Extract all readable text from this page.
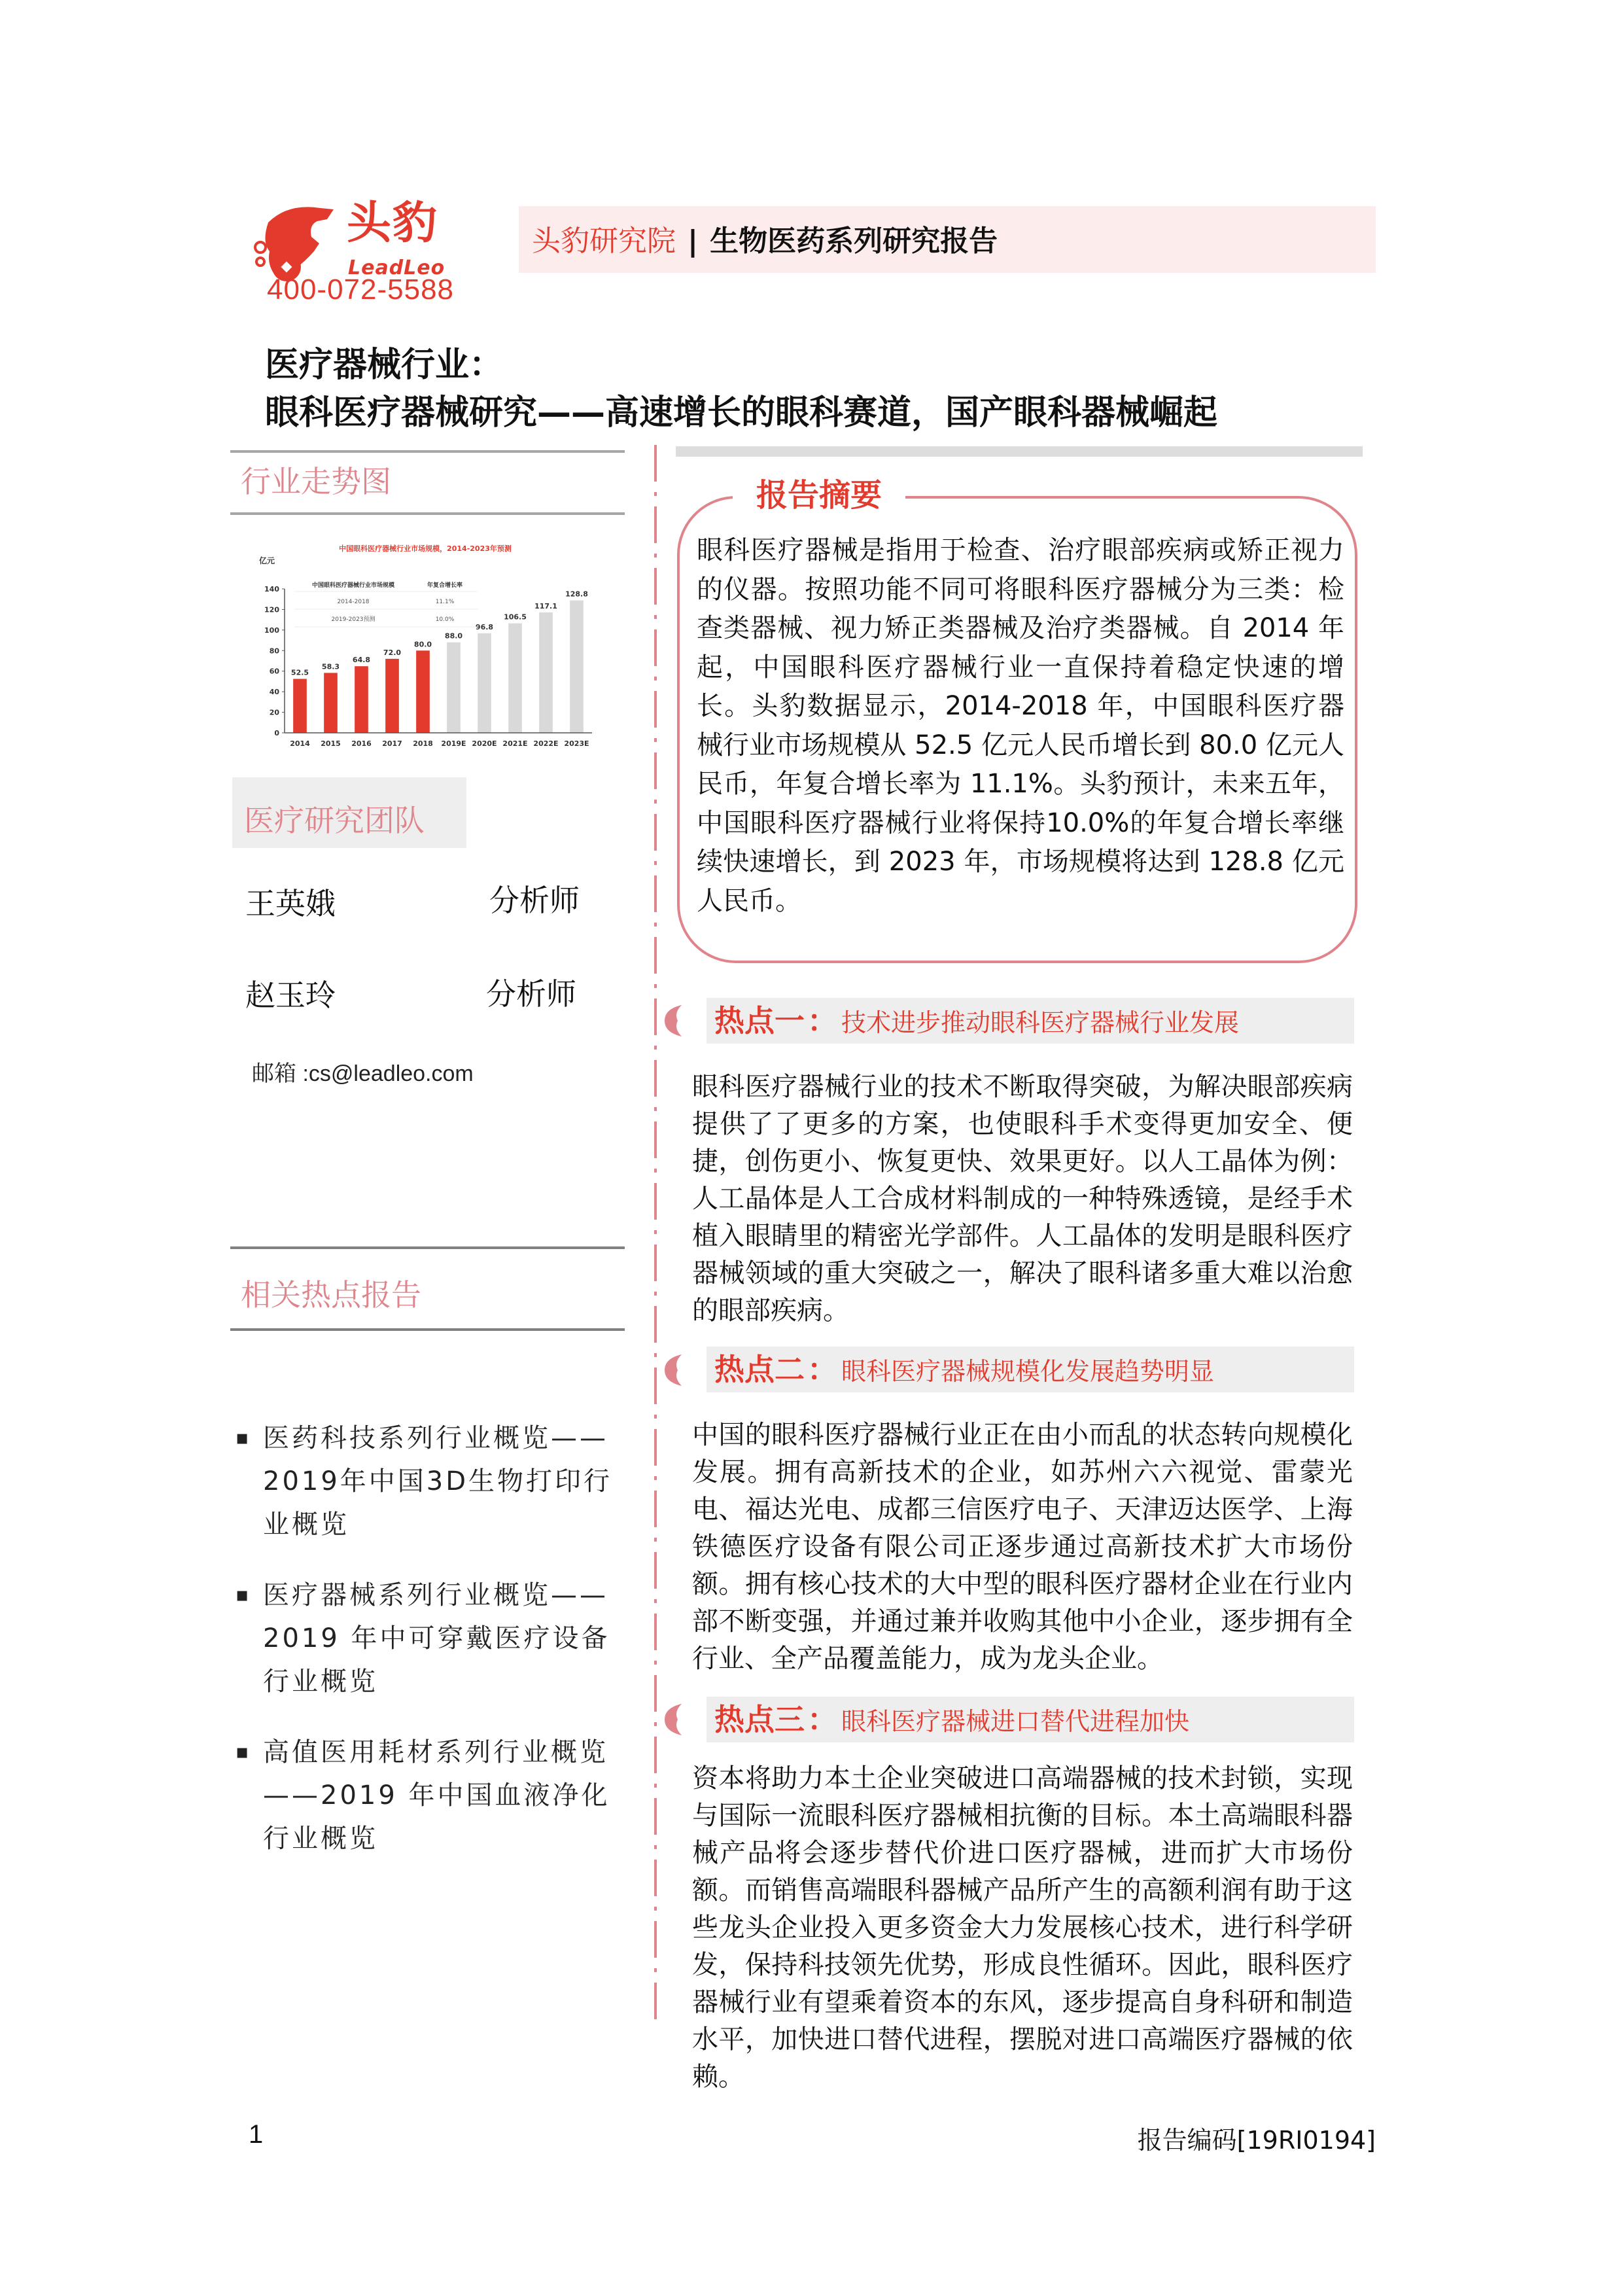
头豹
LeadLeo
400-072-5588
头豹研究院 | 生物医药系列研究报告
医疗器械行业：
眼科医疗器械研究——高速增长的眼科赛道，国产眼科器械崛起
行业走势图
中国眼科医疗器械行业市场规模，2014-2023年预测
亿元
0
20
40
60
80
100
120
140
52.5
2014
58.3
2015
64.8
2016
72.0
2017
80.0
2018
88.0
2019E
96.8
2020E
106.5
2021E
117.1
2022E
128.8
2023E
中国眼科医疗器械行业市场规模	年复合增长率
2014-2018	11.1%
2019-2023预测	10.0%
医疗研究团队
王英娥	分析师
赵玉玲	分析师
邮箱 :cs@leadleo.com
相关热点报告
▪ 医药科技系列行业概览——2019年中国3D生物打印行业概览
▪ 医疗器械系列行业概览——2019 年中可穿戴医疗设备行业概览
▪ 高值医用耗材系列行业概览——2019 年中国血液净化行业概览
报告摘要
眼科医疗器械是指用于检查、治疗眼部疾病或矫正视力的仪器。按照功能不同可将眼科医疗器械分为三类：检查类器械、视力矫正类器械及治疗类器械。自 2014 年起，中国眼科医疗器械行业一直保持着稳定快速的增长。头豹数据显示，2014-2018 年，中国眼科医疗器械行业市场规模从 52.5 亿元人民币增长到 80.0 亿元人民币，年复合增长率为 11.1%。头豹预计，未来五年，中国眼科医疗器械行业将保持10.0%的年复合增长率继续快速增长，到 2023 年，市场规模将达到 128.8 亿元人民币。
热点一： 技术进步推动眼科医疗器械行业发展
眼科医疗器械行业的技术不断取得突破，为解决眼部疾病提供了了更多的方案，也使眼科手术变得更加安全、便捷，创伤更小、恢复更快、效果更好。以人工晶体为例：人工晶体是人工合成材料制成的一种特殊透镜，是经手术植入眼睛里的精密光学部件。人工晶体的发明是眼科医疗器械领域的重大突破之一，解决了眼科诸多重大难以治愈的眼部疾病。
热点二： 眼科医疗器械规模化发展趋势明显
中国的眼科医疗器械行业正在由小而乱的状态转向规模化发展。拥有高新技术的企业，如苏州六六视觉、雷蒙光电、福达光电、成都三信医疗电子、天津迈达医学、上海铁德医疗设备有限公司正逐步通过高新技术扩大市场份额。拥有核心技术的大中型的眼科医疗器材企业在行业内部不断变强，并通过兼并收购其他中小企业，逐步拥有全行业、全产品覆盖能力，成为龙头企业。
热点三： 眼科医疗器械进口替代进程加快
资本将助力本土企业突破进口高端器械的技术封锁，实现与国际一流眼科医疗器械相抗衡的目标。本土高端眼科器械产品将会逐步替代价进口医疗器械，进而扩大市场份额。而销售高端眼科器械产品所产生的高额利润有助于这些龙头企业投入更多资金大力发展核心技术，进行科学研发，保持科技领先优势，形成良性循环。因此，眼科医疗器械行业有望乘着资本的东风，逐步提高自身科研和制造水平，加快进口替代进程，摆脱对进口高端医疗器械的依赖。
1	报告编码[19RI0194]
